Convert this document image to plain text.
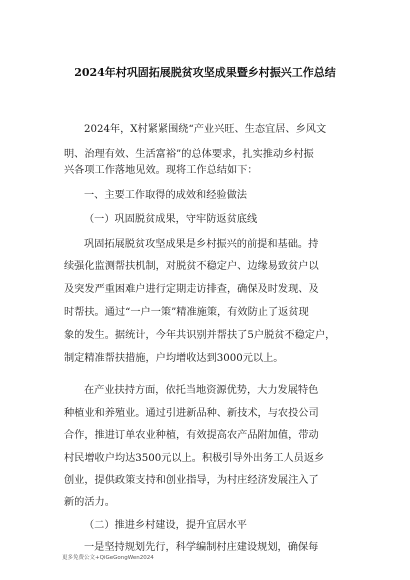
2024年村巩固拓展脱贫攻坚成果暨乡村振兴工作总结
2024年，X村紧紧围绕“产业兴旺、生态宜居、乡风文
明、治理有效、生活富裕”的总体要求，扎实推动乡村振
兴各项工作落地见效。现将工作总结如下：
一、主要工作取得的成效和经验做法
（一）巩固脱贫成果，守牢防返贫底线
巩固拓展脱贫攻坚成果是乡村振兴的前提和基础。持
续强化监测帮扶机制，对脱贫不稳定户、边缘易致贫户以
及突发严重困难户进行定期走访排查，确保及时发现、及
时帮扶。通过“一户一策”精准施策，有效防止了返贫现
象的发生。据统计，今年共识别并帮扶了5户脱贫不稳定户，
制定精准帮扶措施，户均增收达到3000元以上。
在产业扶持方面，依托当地资源优势，大力发展特色
种植业和养殖业。通过引进新品种、新技术，与农投公司
合作，推进订单农业种植，有效提高农产品附加值，带动
村民增收户均达3500元以上。积极引导外出务工人员返乡
创业，提供政策支持和创业指导，为村庄经济发展注入了
新的活力。
（二）推进乡村建设，提升宜居水平
一是坚持规划先行，科学编制村庄建设规划，确保每
更多免费公文+QiGeGongWen2024
